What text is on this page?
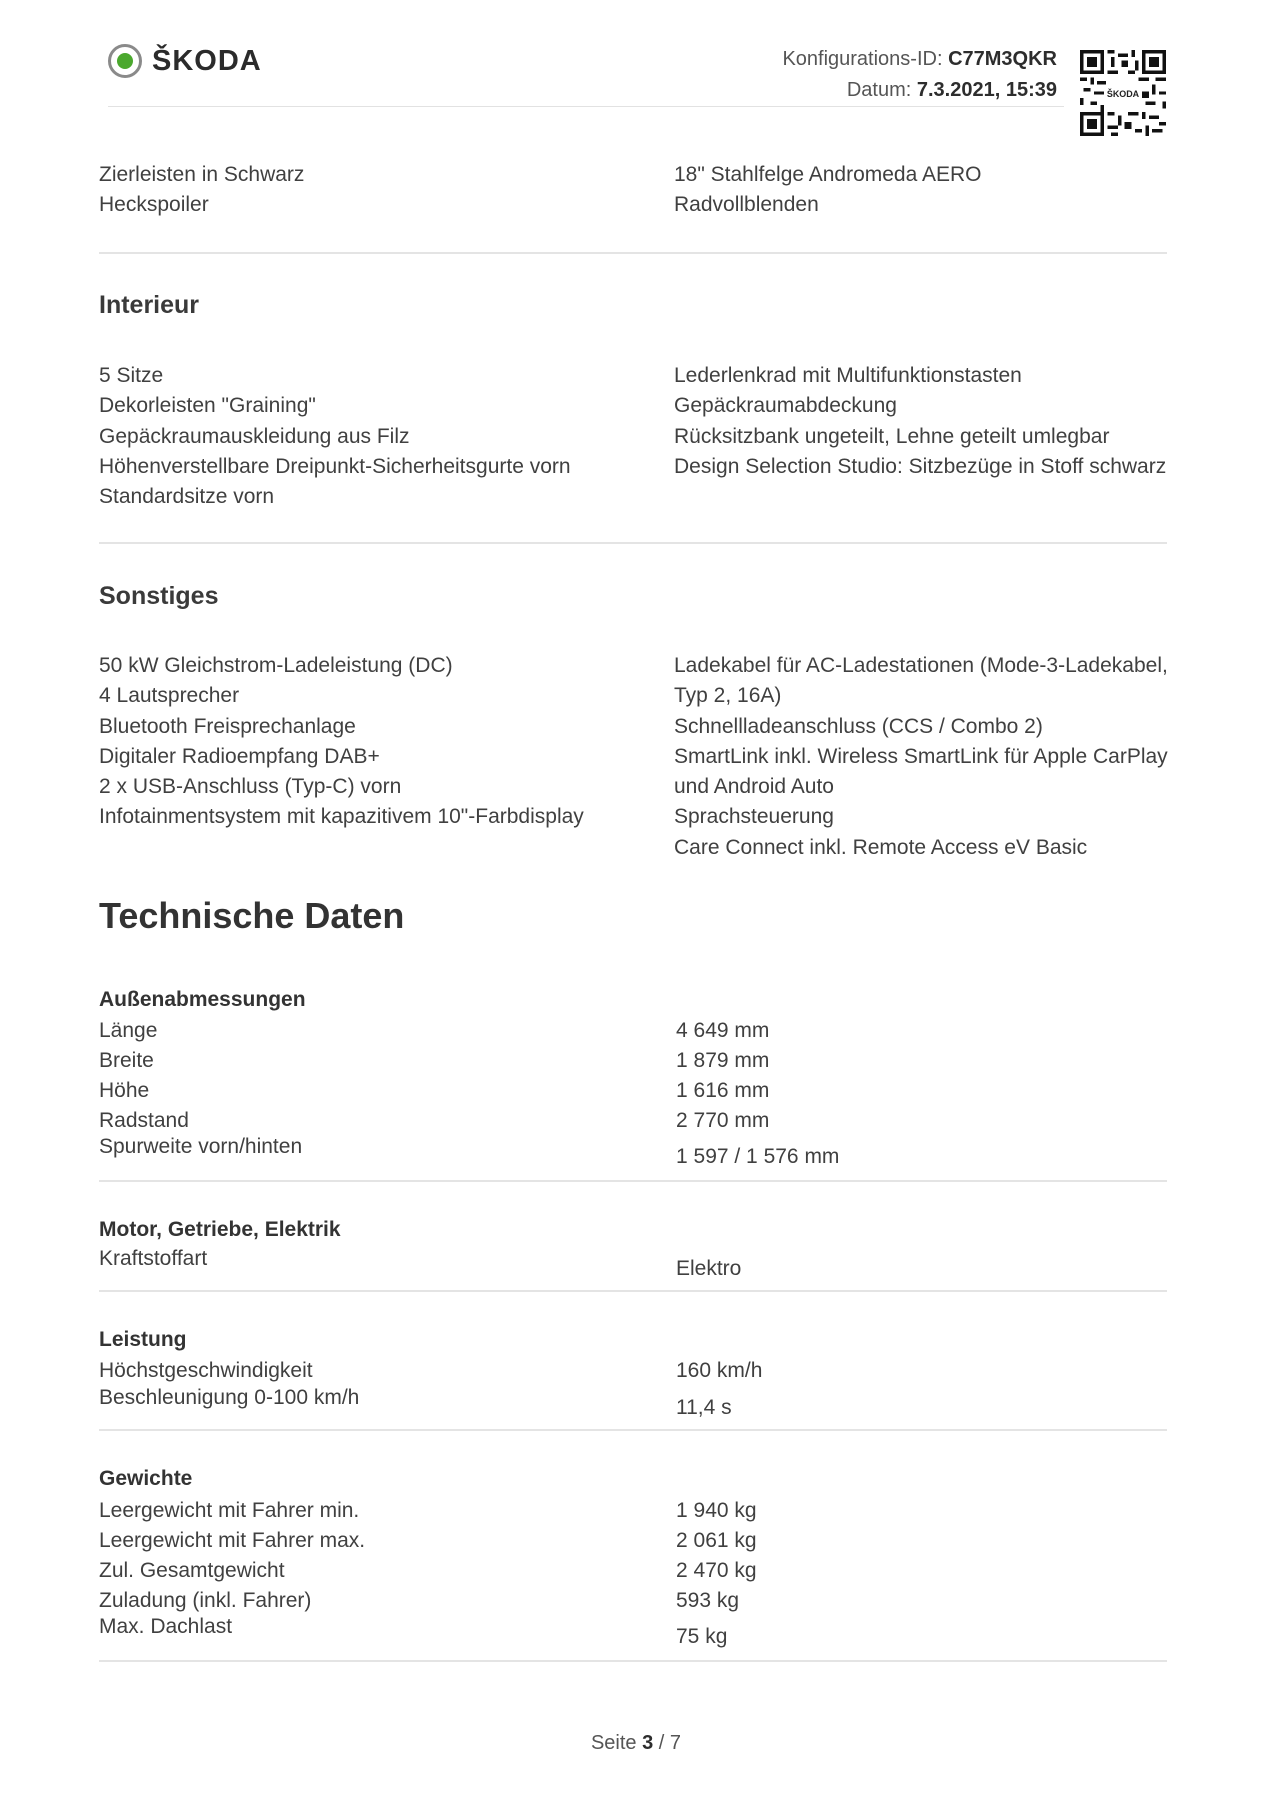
ŠKODA	Konfigurations-ID: C77M3QKR
Datum: 7.3.2021, 15:39	ŠKODA
Zierleisten in Schwarz
Heckspoiler
18" Stahlfelge Andromeda AERO
Radvollblenden
Interieur
5 Sitze
Dekorleisten "Graining"
Gepäckraumauskleidung aus Filz
Höhenverstellbare Dreipunkt-Sicherheitsgurte vorn
Standardsitze vorn
Lederlenkrad mit Multifunktionstasten
Gepäckraumabdeckung
Rücksitzbank ungeteilt, Lehne geteilt umlegbar
Design Selection Studio: Sitzbezüge in Stoff schwarz
Sonstiges
50 kW Gleichstrom-Ladeleistung (DC)
4 Lautsprecher
Bluetooth Freisprechanlage
Digitaler Radioempfang DAB+
2 x USB-Anschluss (Typ-C) vorn
Infotainmentsystem mit kapazitivem 10"-Farbdisplay
Ladekabel für AC-Ladestationen (Mode-3-Ladekabel,
Typ 2, 16A)
Schnellladeanschluss (CCS / Combo 2)
SmartLink inkl. Wireless SmartLink für Apple CarPlay
und Android Auto
Sprachsteuerung
Care Connect inkl. Remote Access eV Basic
Technische Daten
Außenabmessungen
Länge	4 649 mm
Breite	1 879 mm
Höhe	1 616 mm
Radstand	2 770 mm
Spurweite vorn/hinten	1 597 / 1 576 mm
Motor, Getriebe, Elektrik
Kraftstoffart	Elektro
Leistung
Höchstgeschwindigkeit	160 km/h
Beschleunigung 0-100 km/h	11,4 s
Gewichte
Leergewicht mit Fahrer min.	1 940 kg
Leergewicht mit Fahrer max.	2 061 kg
Zul. Gesamtgewicht	2 470 kg
Zuladung (inkl. Fahrer)	593 kg
Max. Dachlast	75 kg
Seite 3 / 7
